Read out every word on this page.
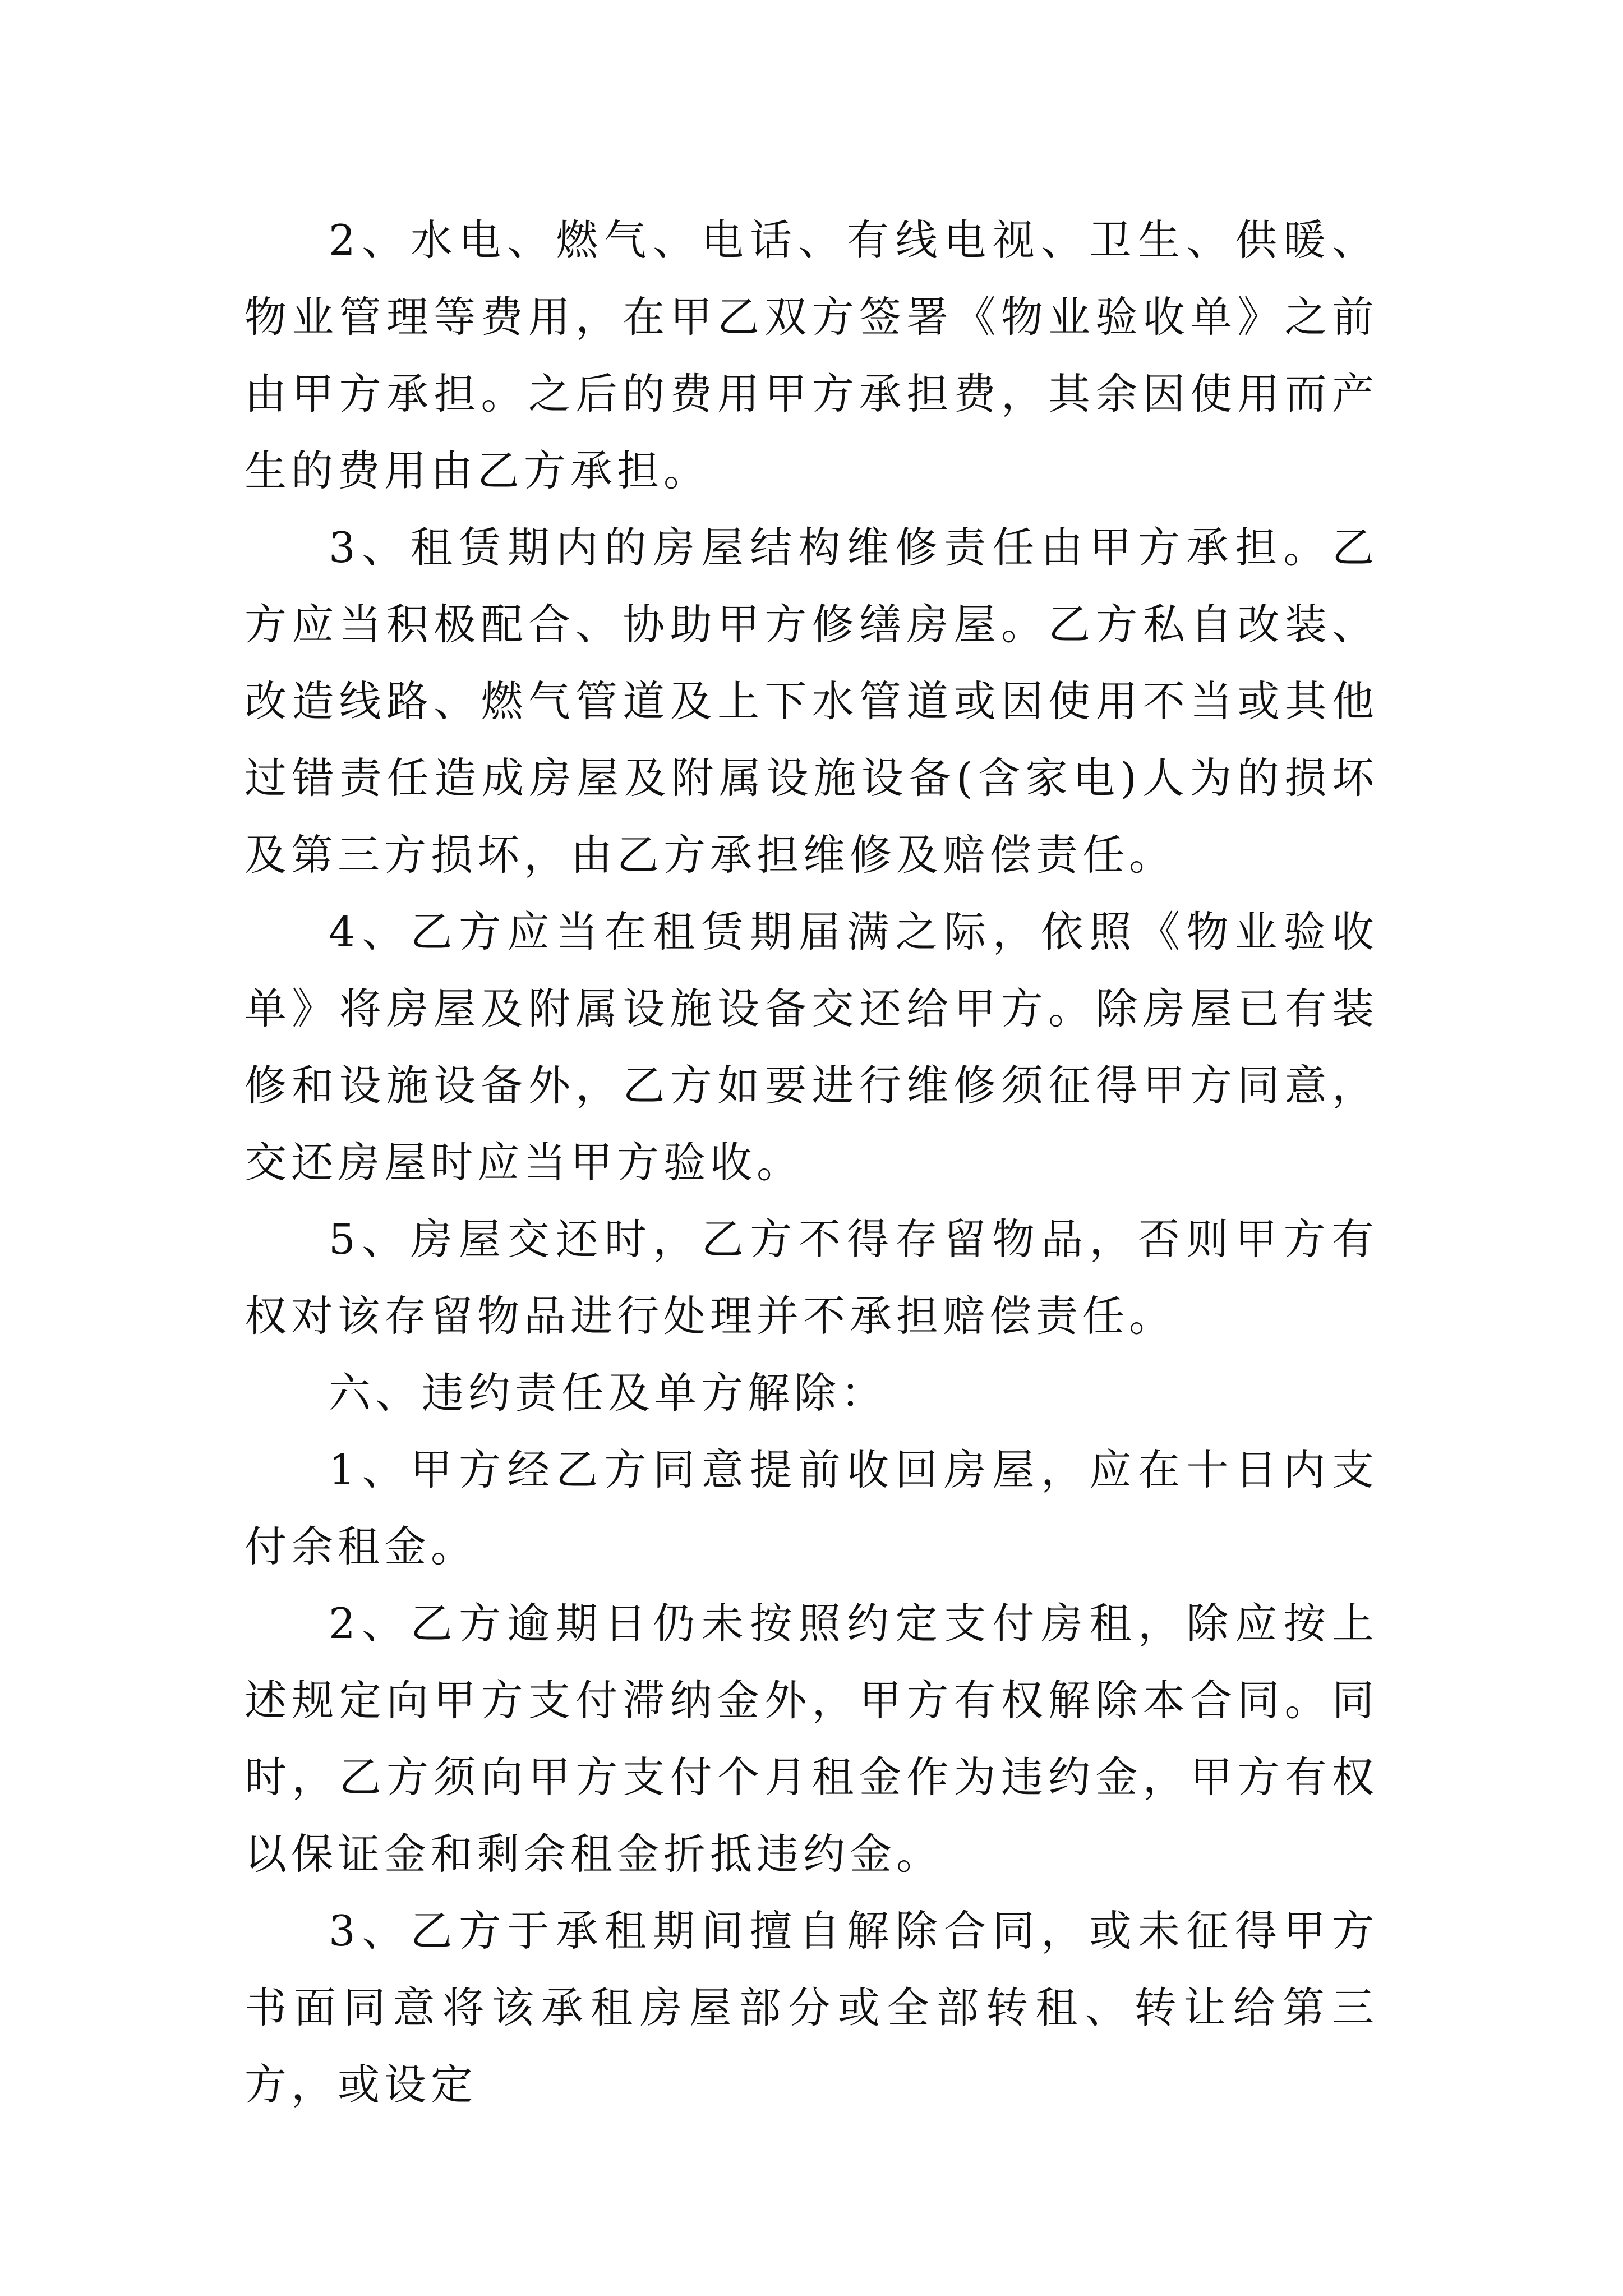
2、水电、燃气、电话、有线电视、卫生、供暖、物业管理等费用，在甲乙双方签署《物业验收单》之前由甲方承担。之后的费用甲方承担费，其余因使用而产生的费用由乙方承担。

3、租赁期内的房屋结构维修责任由甲方承担。乙方应当积极配合、协助甲方修缮房屋。乙方私自改装、改造线路、燃气管道及上下水管道或因使用不当或其他过错责任造成房屋及附属设施设备(含家电)人为的损坏及第三方损坏，由乙方承担维修及赔偿责任。

4、乙方应当在租赁期届满之际，依照《物业验收单》将房屋及附属设施设备交还给甲方。除房屋已有装修和设施设备外，乙方如要进行维修须征得甲方同意，交还房屋时应当甲方验收。

5、房屋交还时，乙方不得存留物品，否则甲方有权对该存留物品进行处理并不承担赔偿责任。

六、违约责任及单方解除：

1、甲方经乙方同意提前收回房屋，应在十日内支付余租金。

2、乙方逾期日仍未按照约定支付房租，除应按上述规定向甲方支付滞纳金外，甲方有权解除本合同。同时，乙方须向甲方支付个月租金作为违约金，甲方有权以保证金和剩余租金折抵违约金。

3、乙方于承租期间擅自解除合同，或未征得甲方书面同意将该承租房屋部分或全部转租、转让给第三方，或设定
